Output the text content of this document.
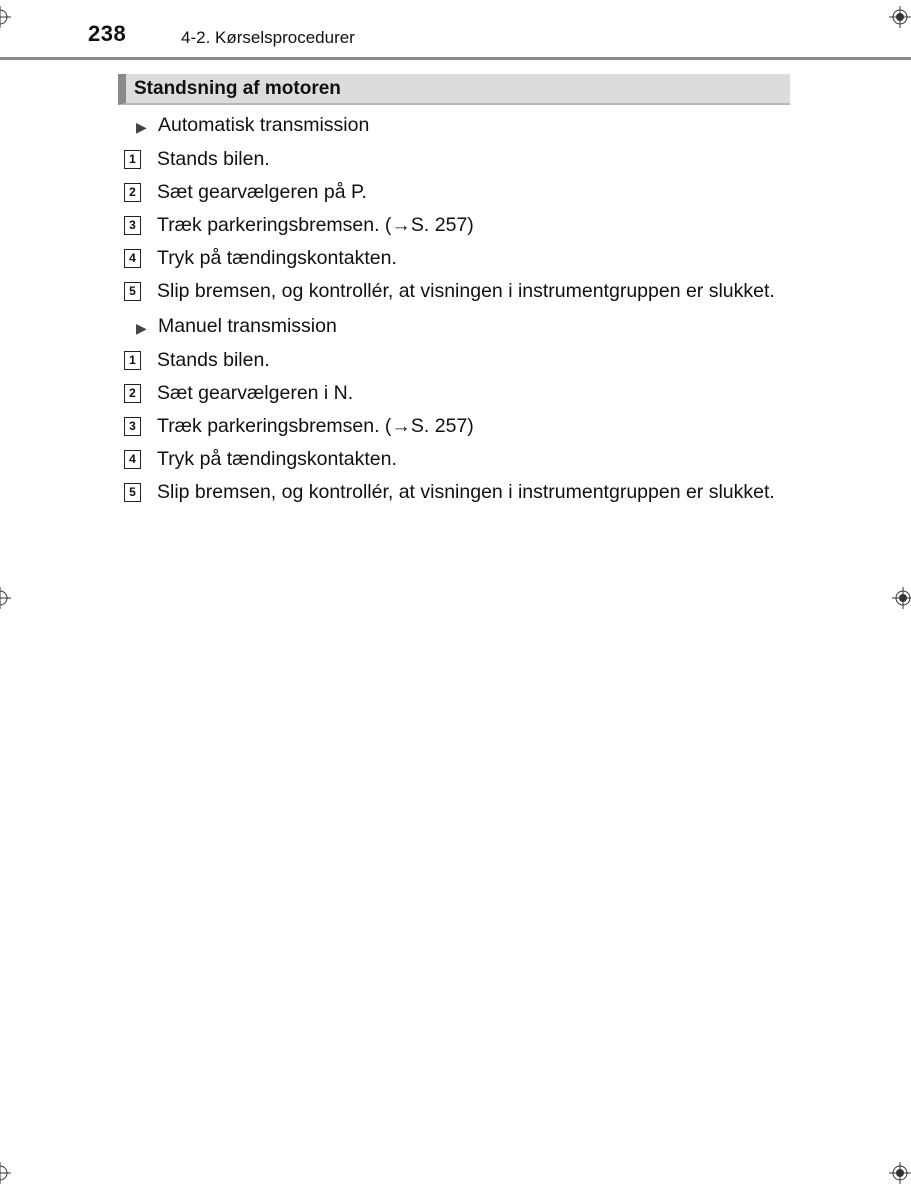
238	4-2. Kørselsprocedurer
Standsning af motoren
▶ Automatisk transmission
1 Stands bilen.
2 Sæt gearvælgeren på P.
3 Træk parkeringsbremsen. (→S. 257)
4 Tryk på tændingskontakten.
5 Slip bremsen, og kontrollér, at visningen i instrumentgruppen er slukket.
▶ Manuel transmission
1 Stands bilen.
2 Sæt gearvælgeren i N.
3 Træk parkeringsbremsen. (→S. 257)
4 Tryk på tændingskontakten.
5 Slip bremsen, og kontrollér, at visningen i instrumentgruppen er slukket.
